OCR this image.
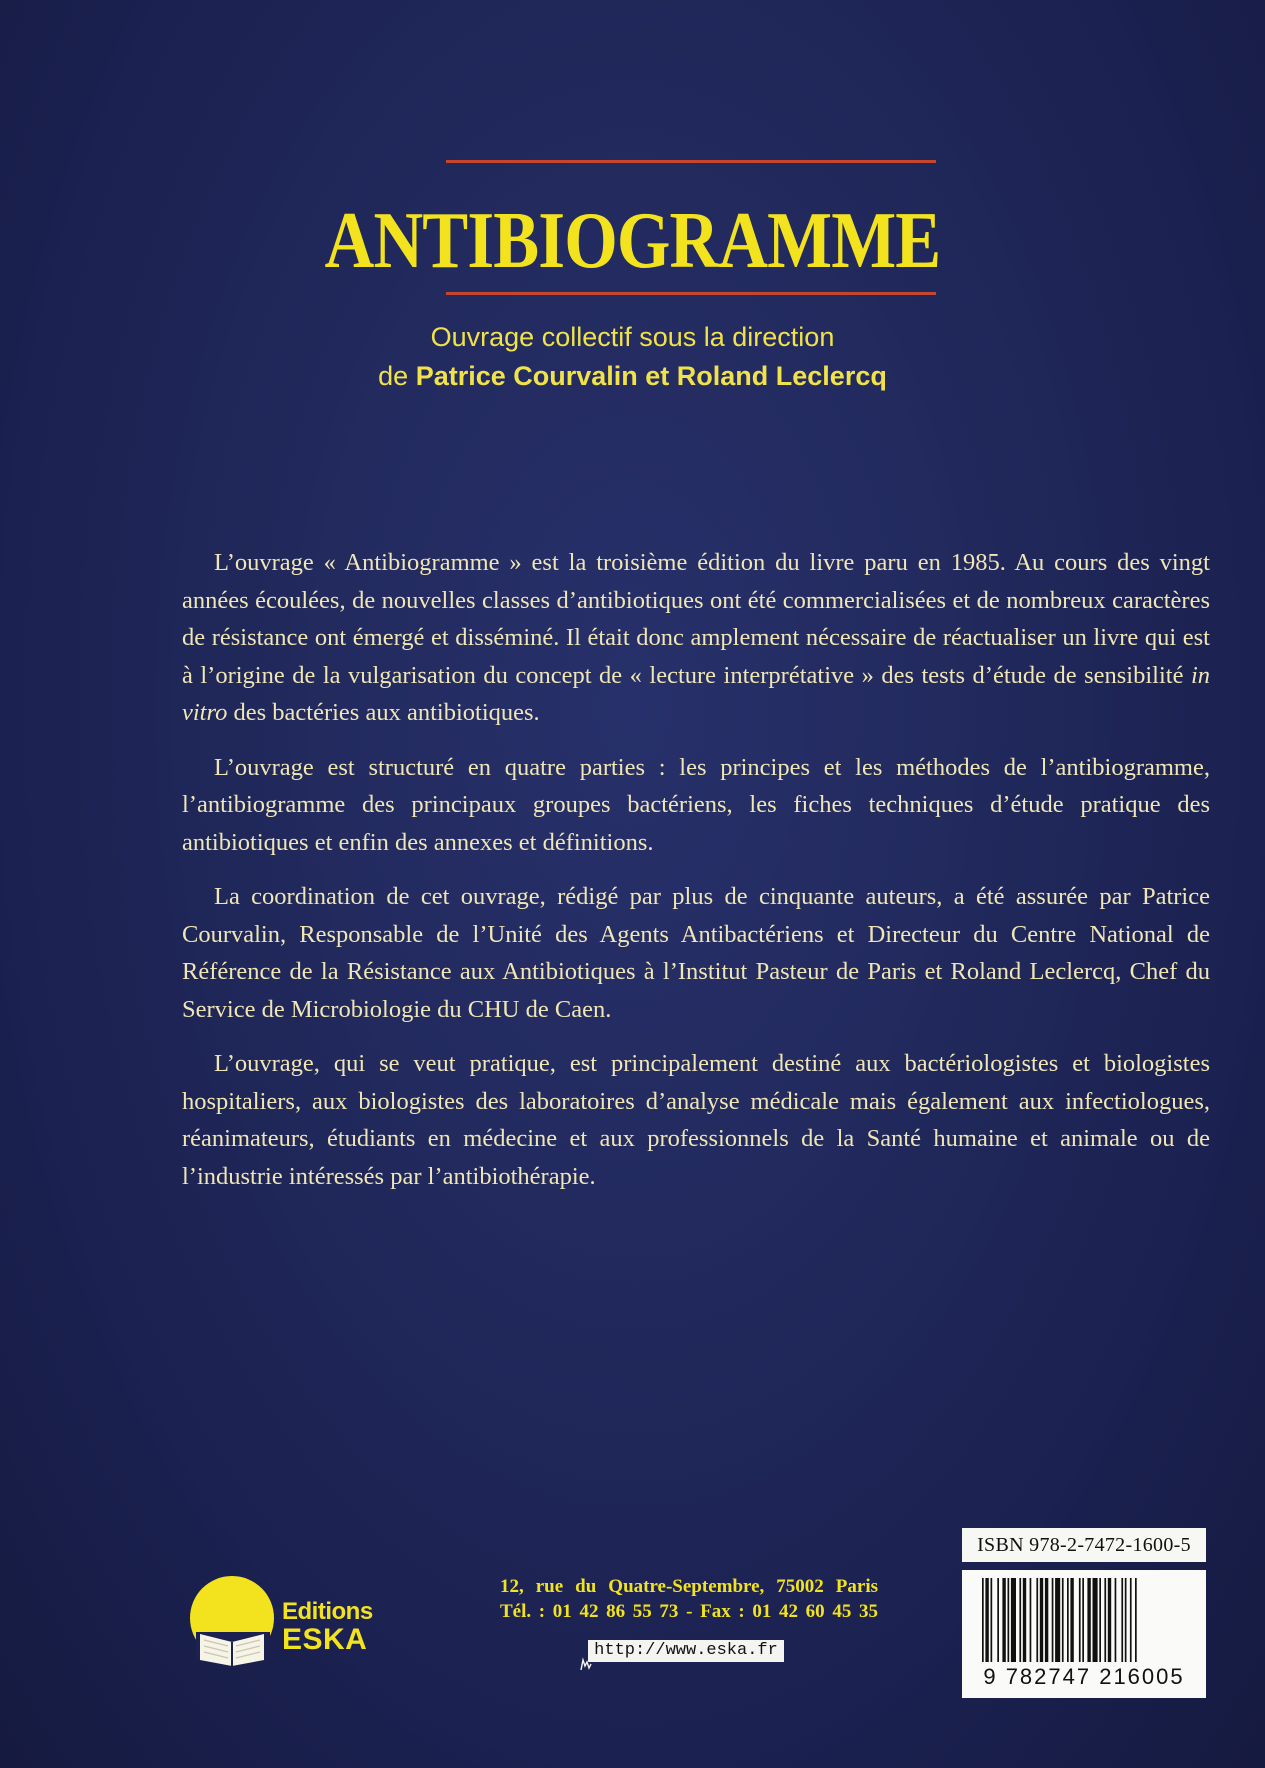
ANTIBIOGRAMME
Ouvrage collectif sous la direction
de Patrice Courvalin et Roland Leclercq

L’ouvrage « Antibiogramme » est la troisième édition du livre paru en 1985. Au cours des vingt années écoulées, de nouvelles classes d’antibiotiques ont été commercialisées et de nombreux caractères de résistance ont émergé et disséminé. Il était donc amplement nécessaire de réactualiser un livre qui est à l’origine de la vulgarisation du concept de « lecture interprétative » des tests d’étude de sensibilité in vitro des bactéries aux antibiotiques.

L’ouvrage est structuré en quatre parties : les principes et les méthodes de l’antibiogramme, l’antibiogramme des principaux groupes bactériens, les fiches techniques d’étude pratique des antibiotiques et enfin des annexes et définitions.

La coordination de cet ouvrage, rédigé par plus de cinquante auteurs, a été assurée par Patrice Courvalin, Responsable de l’Unité des Agents Antibactériens et Directeur du Centre National de Référence de la Résistance aux Antibiotiques à l’Institut Pasteur de Paris et Roland Leclercq, Chef du Service de Microbiologie du CHU de Caen.

L’ouvrage, qui se veut pratique, est principalement destiné aux bactériologistes et biologistes hospitaliers, aux biologistes des laboratoires d’analyse médicale mais également aux infectiologues, réanimateurs, étudiants en médecine et aux professionnels de la Santé humaine et animale ou de l’industrie intéressés par l’antibiothérapie.

Editions
ESKA
12, rue du Quatre-Septembre, 75002 Paris
Tél. : 01 42 86 55 73 - Fax : 01 42 60 45 35
http://www.eska.fr
ISBN 978-2-7472-1600-5
9 782747 216005
